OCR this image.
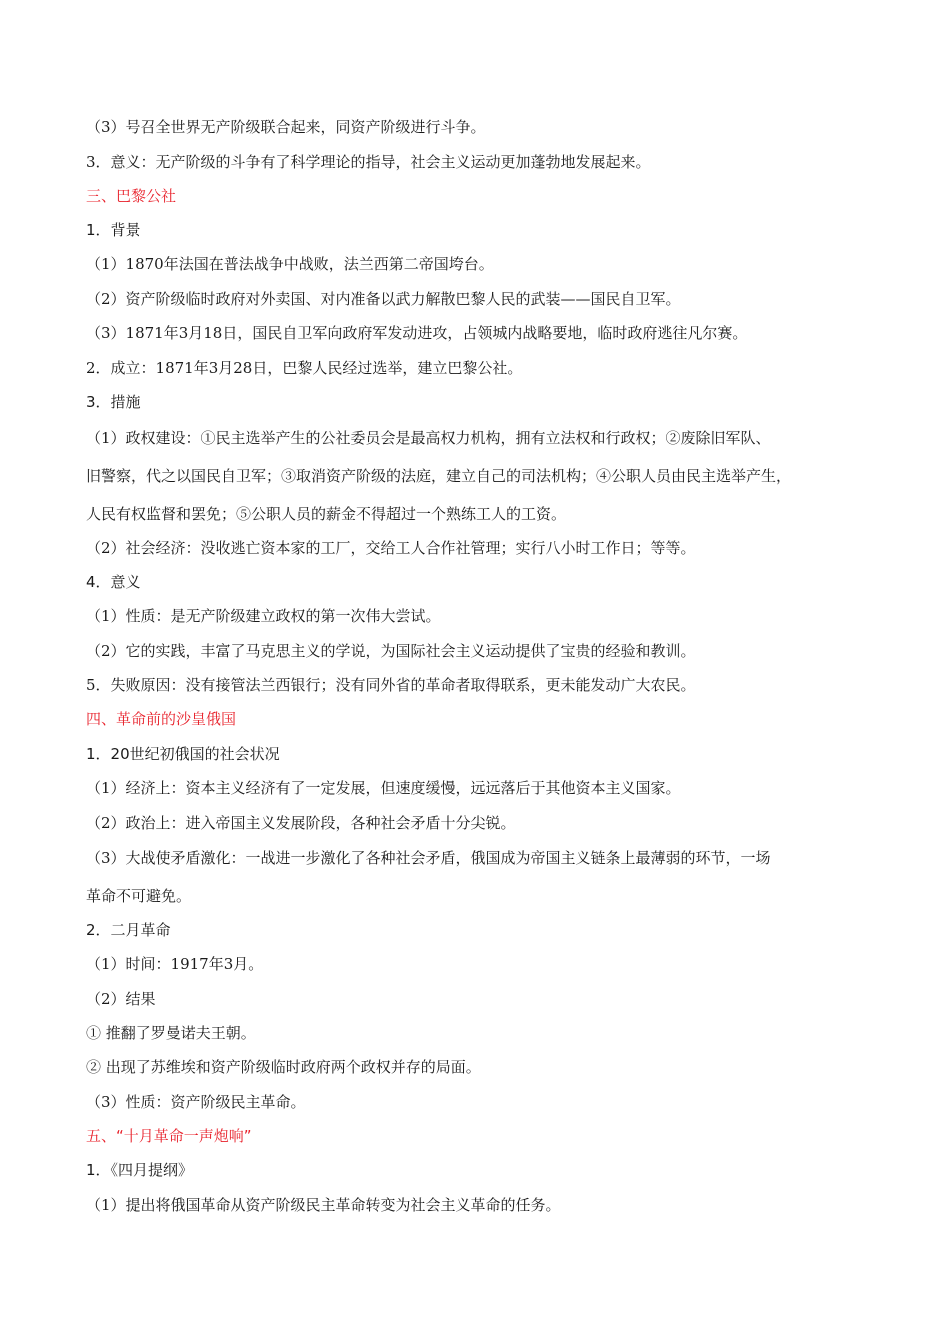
（3）号召全世界无产阶级联合起来，同资产阶级进行斗争。
3．意义：无产阶级的斗争有了科学理论的指导，社会主义运动更加蓬勃地发展起来。
三、巴黎公社
1．背景
（1）1870年法国在普法战争中战败，法兰西第二帝国垮台。
（2）资产阶级临时政府对外卖国、对内准备以武力解散巴黎人民的武装——国民自卫军。
（3）1871年3月18日，国民自卫军向政府军发动进攻，占领城内战略要地，临时政府逃往凡尔赛。
2．成立：1871年3月28日，巴黎人民经过选举，建立巴黎公社。
3．措施
（1）政权建设：①民主选举产生的公社委员会是最高权力机构，拥有立法权和行政权；②废除旧军队、
旧警察，代之以国民自卫军；③取消资产阶级的法庭，建立自己的司法机构；④公职人员由民主选举产生，
人民有权监督和罢免；⑤公职人员的薪金不得超过一个熟练工人的工资。
（2）社会经济：没收逃亡资本家的工厂，交给工人合作社管理；实行八小时工作日；等等。
4．意义
（1）性质：是无产阶级建立政权的第一次伟大尝试。
（2）它的实践，丰富了马克思主义的学说，为国际社会主义运动提供了宝贵的经验和教训。
5．失败原因：没有接管法兰西银行；没有同外省的革命者取得联系，更未能发动广大农民。
四、革命前的沙皇俄国
1．20世纪初俄国的社会状况
（1）经济上：资本主义经济有了一定发展，但速度缓慢，远远落后于其他资本主义国家。
（2）政治上：进入帝国主义发展阶段，各种社会矛盾十分尖锐。
（3）大战使矛盾激化：一战进一步激化了各种社会矛盾，俄国成为帝国主义链条上最薄弱的环节，一场
革命不可避免。
2．二月革命
（1）时间：1917年3月。
（2）结果
① 推翻了罗曼诺夫王朝。
② 出现了苏维埃和资产阶级临时政府两个政权并存的局面。
（3）性质：资产阶级民主革命。
五、“十月革命一声炮响”
1．《四月提纲》
（1）提出将俄国革命从资产阶级民主革命转变为社会主义革命的任务。
